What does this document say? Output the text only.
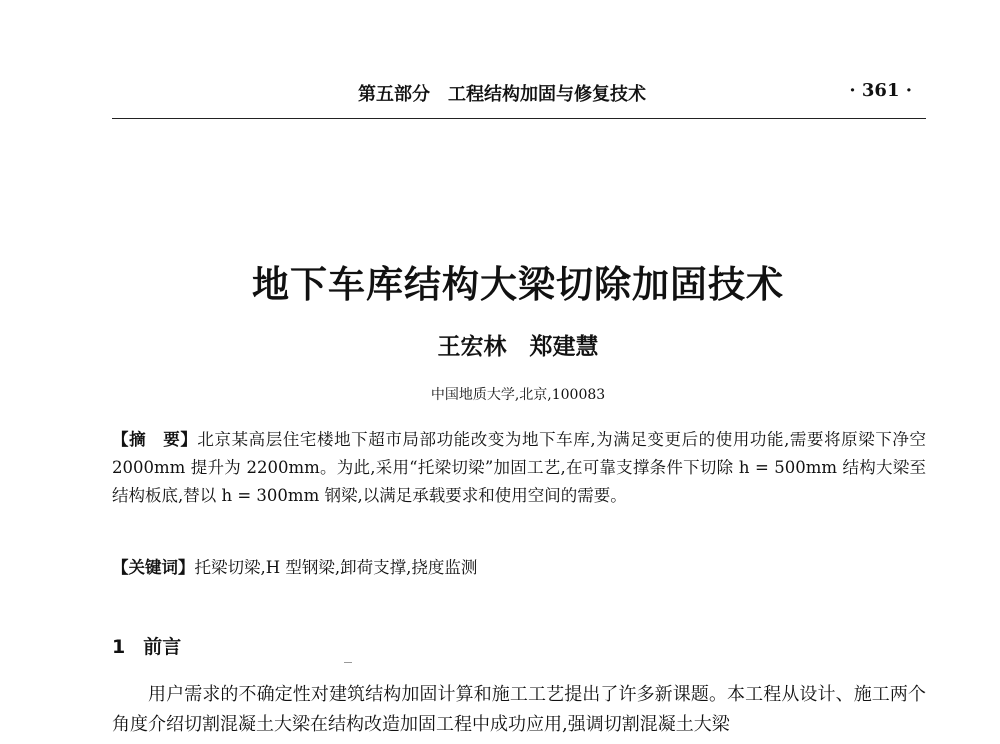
第五部分　工程结构加固与修复技术	· 361 ·
地下车库结构大梁切除加固技术
王宏林　郑建慧
中国地质大学,北京,100083
【摘　要】北京某高层住宅楼地下超市局部功能改变为地下车库,为满足变更后的使用功能,需要将原梁下净空 2000mm 提升为 2200mm。为此,采用“托梁切梁”加固工艺,在可靠支撑条件下切除 h = 500mm 结构大梁至结构板底,替以 h = 300mm 钢梁,以满足承载要求和使用空间的需要。
【关键词】托梁切梁,H 型钢梁,卸荷支撑,挠度监测
1 前言
用户需求的不确定性对建筑结构加固计算和施工工艺提出了许多新课题。本工程从设计、施工两个角度介绍切割混凝土大梁在结构改造加固工程中成功应用,强调切割混凝土大梁
